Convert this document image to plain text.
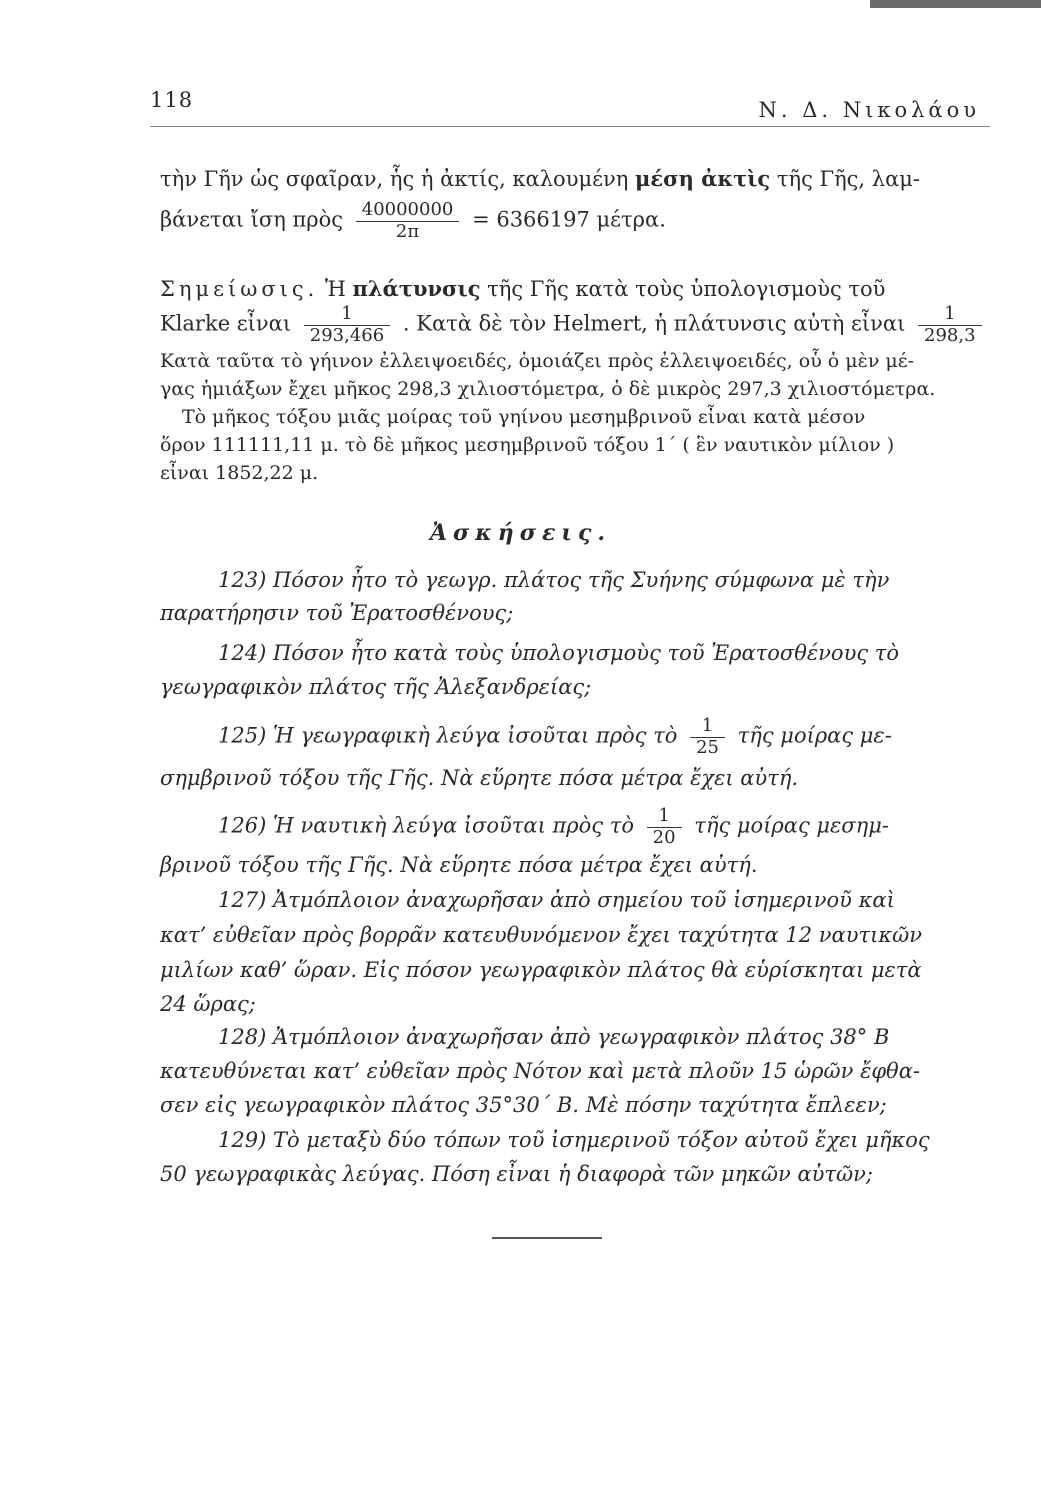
118	Ν. Δ. Νικολάου
τὴν Γῆν ὡς σφαῖραν, ἧς ἡ ἀκτίς, καλουμένη μέση ἀκτὶς τῆς Γῆς, λαμ-
βάνεται ἴση πρὸς $\frac{40000000}{2\pi} = 6366197$ μέτρα.
Σημείωσις. Ἡ πλάτυνσις τῆς Γῆς κατὰ τοὺς ὑπολογισμοὺς τοῦ
Klarke εἶναι $\frac{1}{293,466}$ . Κατὰ δὲ τὸν Helmert, ἡ πλάτυνσις αὐτὴ εἶναι $\frac{1}{298,3}$
Κατὰ ταῦτα τὸ γήινον ἐλλειψοειδές, ὁμοιάζει πρὸς ἐλλειψοειδές, οὗ ὁ μὲν μέ-
γας ἡμιάξων ἔχει μῆκος 298,3 χιλιοστόμετρα, ὁ δὲ μικρὸς 297,3 χιλιοστόμετρα.
Τὸ μῆκος τόξου μιᾶς μοίρας τοῦ γηίνου μεσημβρινοῦ εἶναι κατὰ μέσον
ὅρον 111111,11 μ. τὸ δὲ μῆκος μεσημβρινοῦ τόξου 1΄ ( ἓν ναυτικὸν μίλιον )
εἶναι 1852,22 μ.
Ἀσκήσεις.
123) Πόσον ἦτο τὸ γεωγρ. πλάτος τῆς Συήνης σύμφωνα μὲ τὴν
παρατήρησιν τοῦ Ἐρατοσθένους;
124) Πόσον ἦτο κατὰ τοὺς ὑπολογισμοὺς τοῦ Ἐρατοσθένους τὸ
γεωγραφικὸν πλάτος τῆς Ἀλεξανδρείας;
125) Ἡ γεωγραφικὴ λεύγα ἰσοῦται πρὸς τὸ $\frac{1}{25}$ τῆς μοίρας με-
σημβρινοῦ τόξου τῆς Γῆς. Νὰ εὕρητε πόσα μέτρα ἔχει αὐτή.
126) Ἡ ναυτικὴ λεύγα ἰσοῦται πρὸς τὸ $\frac{1}{20}$ τῆς μοίρας μεσημ-
βρινοῦ τόξου τῆς Γῆς. Νὰ εὕρητε πόσα μέτρα ἔχει αὐτή.
127) Ἀτμόπλοιον ἀναχωρῆσαν ἀπὸ σημείου τοῦ ἰσημερινοῦ καὶ
κατ’ εὐθεῖαν πρὸς βορρᾶν κατευθυνόμενον ἔχει ταχύτητα 12 ναυτικῶν
μιλίων καθ’ ὥραν. Εἰς πόσον γεωγραφικὸν πλάτος θὰ εὑρίσκηται μετὰ
24 ὥρας;
128) Ἀτμόπλοιον ἀναχωρῆσαν ἀπὸ γεωγραφικὸν πλάτος 38° Β
κατευθύνεται κατ’ εὐθεῖαν πρὸς Νότον καὶ μετὰ πλοῦν 15 ὡρῶν ἔφθα-
σεν εἰς γεωγραφικὸν πλάτος 35°30΄ Β. Μὲ πόσην ταχύτητα ἔπλεεν;
129) Τὸ μεταξὺ δύο τόπων τοῦ ἰσημερινοῦ τόξον αὐτοῦ ἔχει μῆκος
50 γεωγραφικὰς λεύγας. Πόση εἶναι ἡ διαφορὰ τῶν μηκῶν αὐτῶν;
